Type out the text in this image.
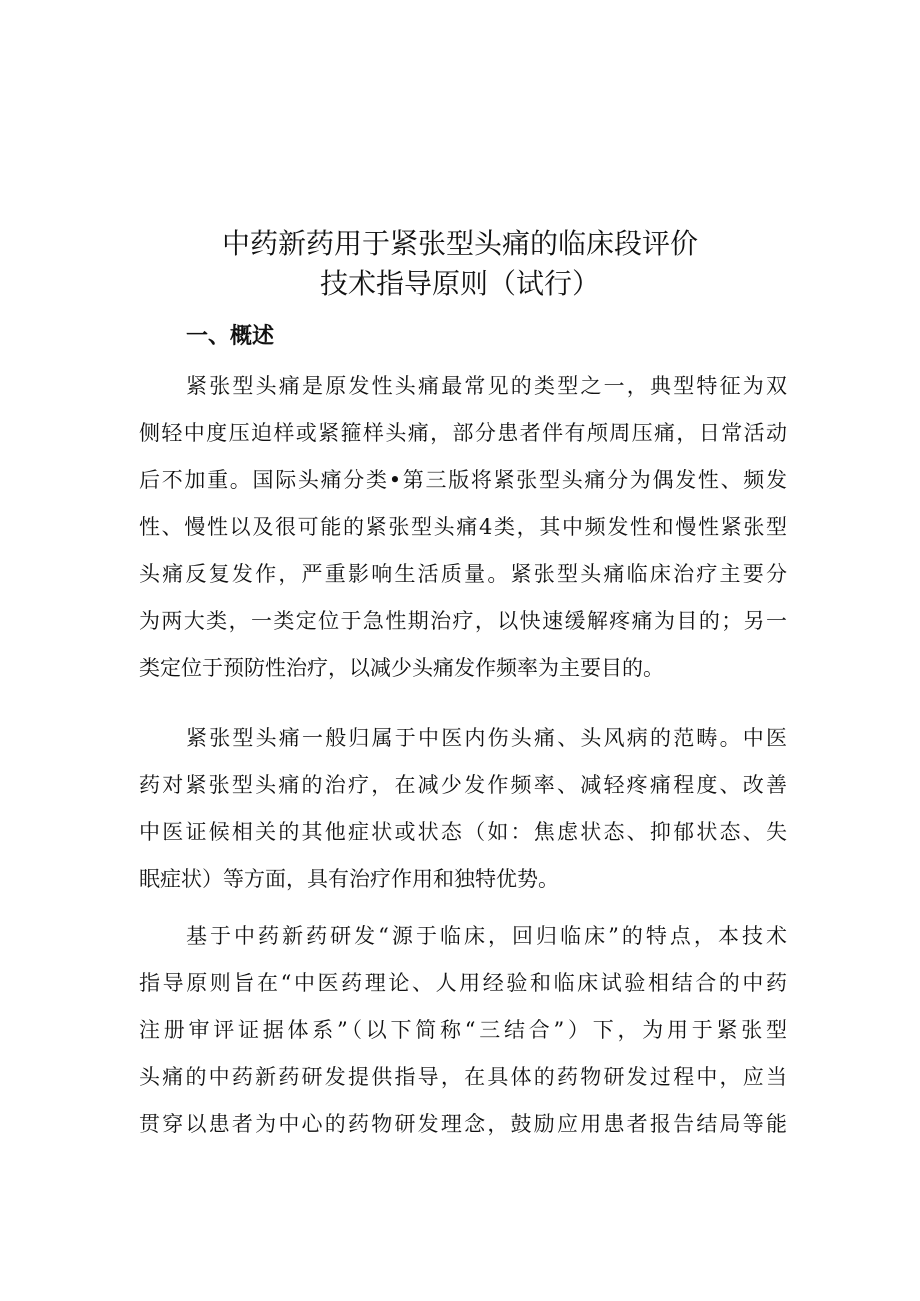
中药新药用于紧张型头痛的临床段评价
技术指导原则（试行）
一、概述
紧张型头痛是原发性头痛最常见的类型之一，典型特征为双
侧轻中度压迫样或紧箍样头痛，部分患者伴有颅周压痛，日常活动
后不加重。国际头痛分类•第三版将紧张型头痛分为偶发性、频发
性、慢性以及很可能的紧张型头痛4类，其中频发性和慢性紧张型
头痛反复发作，严重影响生活质量。紧张型头痛临床治疗主要分
为两大类，一类定位于急性期治疗，以快速缓解疼痛为目的；另一
类定位于预防性治疗，以减少头痛发作频率为主要目的。
紧张型头痛一般归属于中医内伤头痛、头风病的范畴。中医
药对紧张型头痛的治疗，在减少发作频率、减轻疼痛程度、改善
中医证候相关的其他症状或状态（如：焦虑状态、抑郁状态、失
眠症状）等方面，具有治疗作用和独特优势。
基于中药新药研发“源于临床，回归临床”的特点，本技术
指导原则旨在“中医药理论、人用经验和临床试验相结合的中药
注册审评证据体系”（以下简称“三结合”）下，为用于紧张型
头痛的中药新药研发提供指导，在具体的药物研发过程中，应当
贯穿以患者为中心的药物研发理念，鼓励应用患者报告结局等能
